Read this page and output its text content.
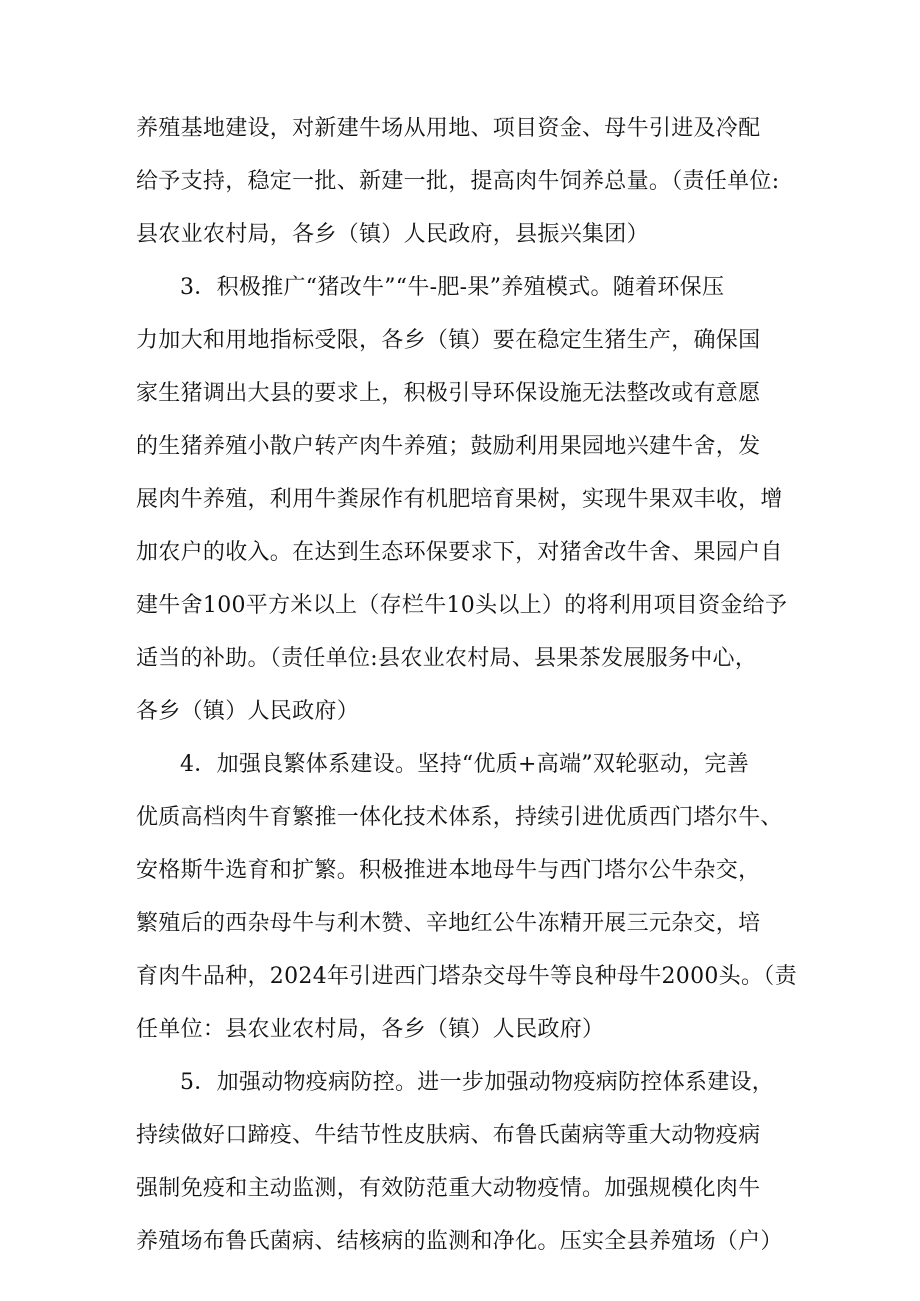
养殖基地建设，对新建牛场从用地、项目资金、母牛引进及冷配
给予支持，稳定一批、新建一批，提高肉牛饲养总量。（责任单位:
县农业农村局，各乡（镇）人民政府，县振兴集团）
3．积极推广“猪改牛”“牛-肥-果”养殖模式。随着环保压
力加大和用地指标受限，各乡（镇）要在稳定生猪生产，确保国
家生猪调出大县的要求上，积极引导环保设施无法整改或有意愿
的生猪养殖小散户转产肉牛养殖；鼓励利用果园地兴建牛舍，发
展肉牛养殖，利用牛粪尿作有机肥培育果树，实现牛果双丰收，增
加农户的收入。在达到生态环保要求下，对猪舍改牛舍、果园户自
建牛舍100平方米以上（存栏牛10头以上）的将利用项目资金给予
适当的补助。（责任单位:县农业农村局、县果茶发展服务中心，
各乡（镇）人民政府）
4．加强良繁体系建设。坚持“优质+高端”双轮驱动，完善
优质高档肉牛育繁推一体化技术体系，持续引进优质西门塔尔牛、
安格斯牛选育和扩繁。积极推进本地母牛与西门塔尔公牛杂交，
繁殖后的西杂母牛与利木赞、辛地红公牛冻精开展三元杂交，培
育肉牛品种，2024年引进西门塔杂交母牛等良种母牛2000头。（责
任单位：县农业农村局，各乡（镇）人民政府）
5．加强动物疫病防控。进一步加强动物疫病防控体系建设，
持续做好口蹄疫、牛结节性皮肤病、布鲁氏菌病等重大动物疫病
强制免疫和主动监测，有效防范重大动物疫情。加强规模化肉牛
养殖场布鲁氏菌病、结核病的监测和净化。压实全县养殖场（户）
